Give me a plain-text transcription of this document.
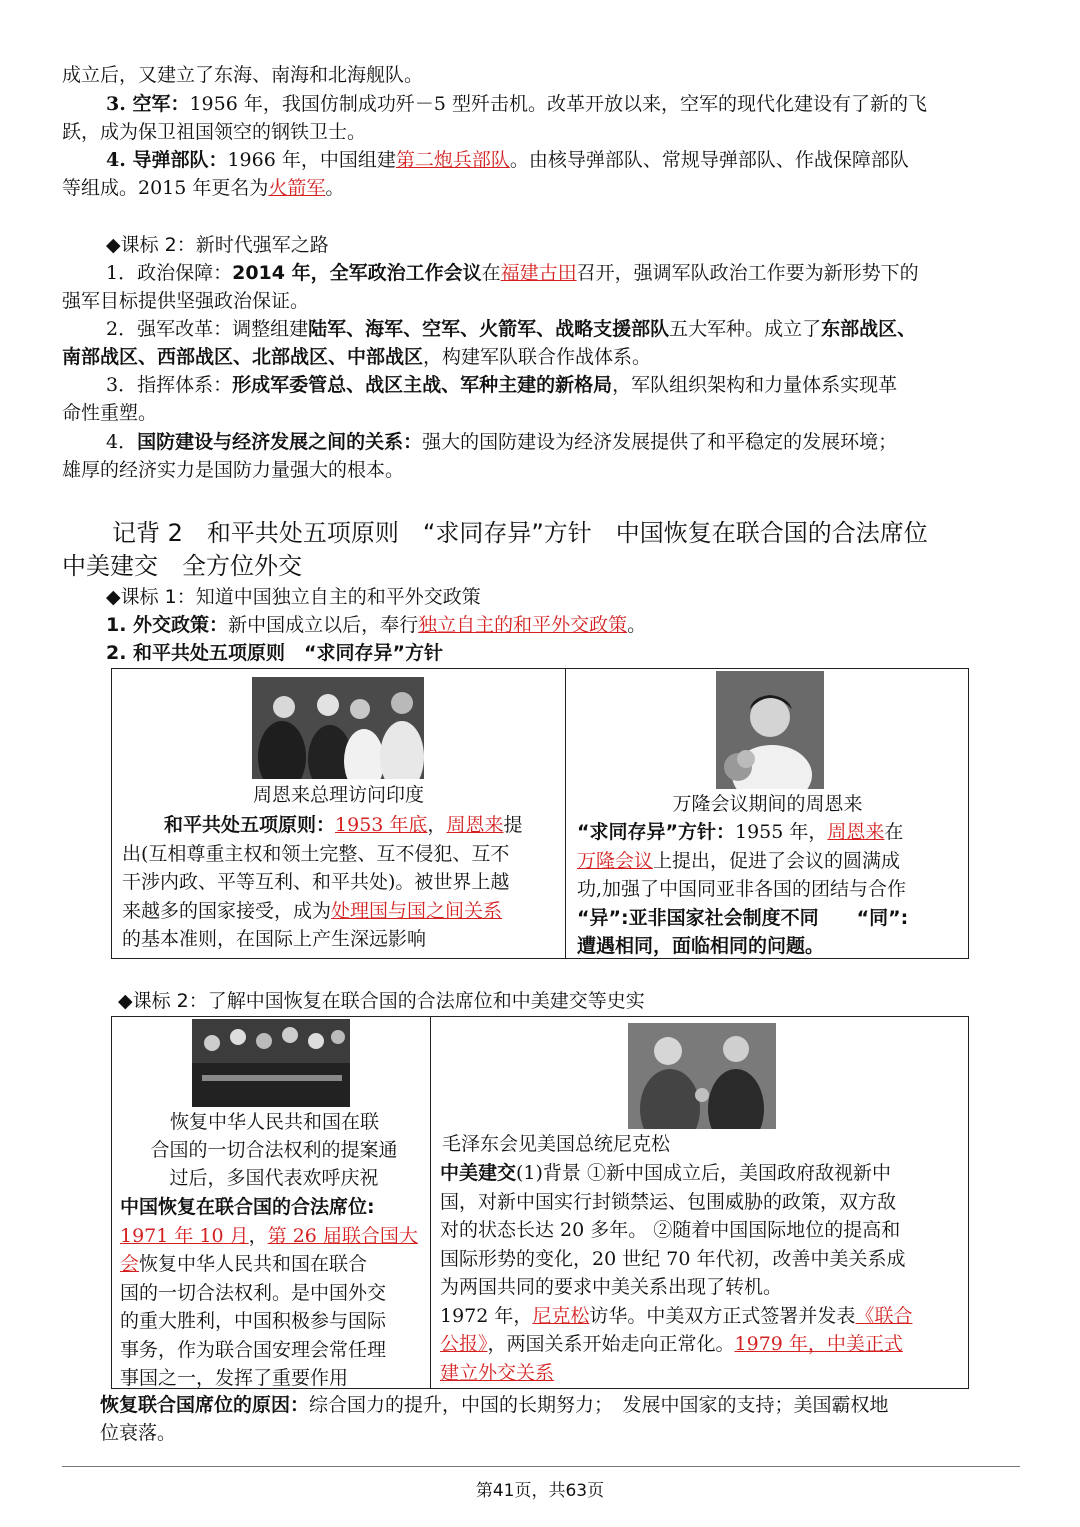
成立后，又建立了东海、南海和北海舰队。
3. 空军：1956 年，我国仿制成功歼－5 型歼击机。改革开放以来，空军的现代化建设有了新的飞
跃，成为保卫祖国领空的钢铁卫士。
4. 导弹部队：1966 年，中国组建第二炮兵部队。由核导弹部队、常规导弹部队、作战保障部队
等组成。2015 年更名为火箭军。
◆课标 2：新时代强军之路
1．政治保障：2014 年，全军政治工作会议在福建古田召开，强调军队政治工作要为新形势下的
强军目标提供坚强政治保证。
2．强军改革：调整组建陆军、海军、空军、火箭军、战略支援部队五大军种。成立了东部战区、
南部战区、西部战区、北部战区、中部战区，构建军队联合作战体系。
3．指挥体系：形成军委管总、战区主战、军种主建的新格局，军队组织架构和力量体系实现革
命性重塑。
4．国防建设与经济发展之间的关系：强大的国防建设为经济发展提供了和平稳定的发展环境；
雄厚的经济实力是国防力量强大的根本。
记背 2　和平共处五项原则　“求同存异”方针　中国恢复在联合国的合法席位
中美建交　全方位外交
◆课标 1：知道中国独立自主的和平外交政策
1. 外交政策：新中国成立以后，奉行独立自主的和平外交政策。
2. 和平共处五项原则　“求同存异”方针
周恩来总理访问印度
和平共处五项原则：1953 年底，周恩来提
出(互相尊重主权和领土完整、互不侵犯、互不
干涉内政、平等互利、和平共处)。被世界上越
来越多的国家接受，成为处理国与国之间关系
的基本准则，在国际上产生深远影响
万隆会议期间的周恩来
“求同存异”方针：1955 年，周恩来在
万隆会议上提出，促进了会议的圆满成
功,加强了中国同亚非各国的团结与合作
“异”:亚非国家社会制度不同　　 “同”:
遭遇相同，面临相同的问题。
◆课标 2：了解中国恢复在联合国的合法席位和中美建交等史实
恢复中华人民共和国在联
合国的一切合法权利的提案通
过后，多国代表欢呼庆祝
中国恢复在联合国的合法席位:
1971 年 10 月，第 26 届联合国大
会恢复中华人民共和国在联合
国的一切合法权利。是中国外交
的重大胜利，中国积极参与国际
事务，作为联合国安理会常任理
事国之一，发挥了重要作用
毛泽东会见美国总统尼克松
中美建交(1)背景 ①新中国成立后，美国政府敌视新中
国，对新中国实行封锁禁运、包围威胁的政策，双方敌
对的状态长达 20 多年。 ②随着中国国际地位的提高和
国际形势的变化，20 世纪 70 年代初，改善中美关系成
为两国共同的要求中美关系出现了转机。
1972 年，尼克松访华。中美双方正式签署并发表《联合
公报》，两国关系开始走向正常化。1979 年，中美正式
建立外交关系
恢复联合国席位的原因：综合国力的提升，中国的长期努力；　发展中国家的支持；美国霸权地
位衰落。
第41页，共63页
